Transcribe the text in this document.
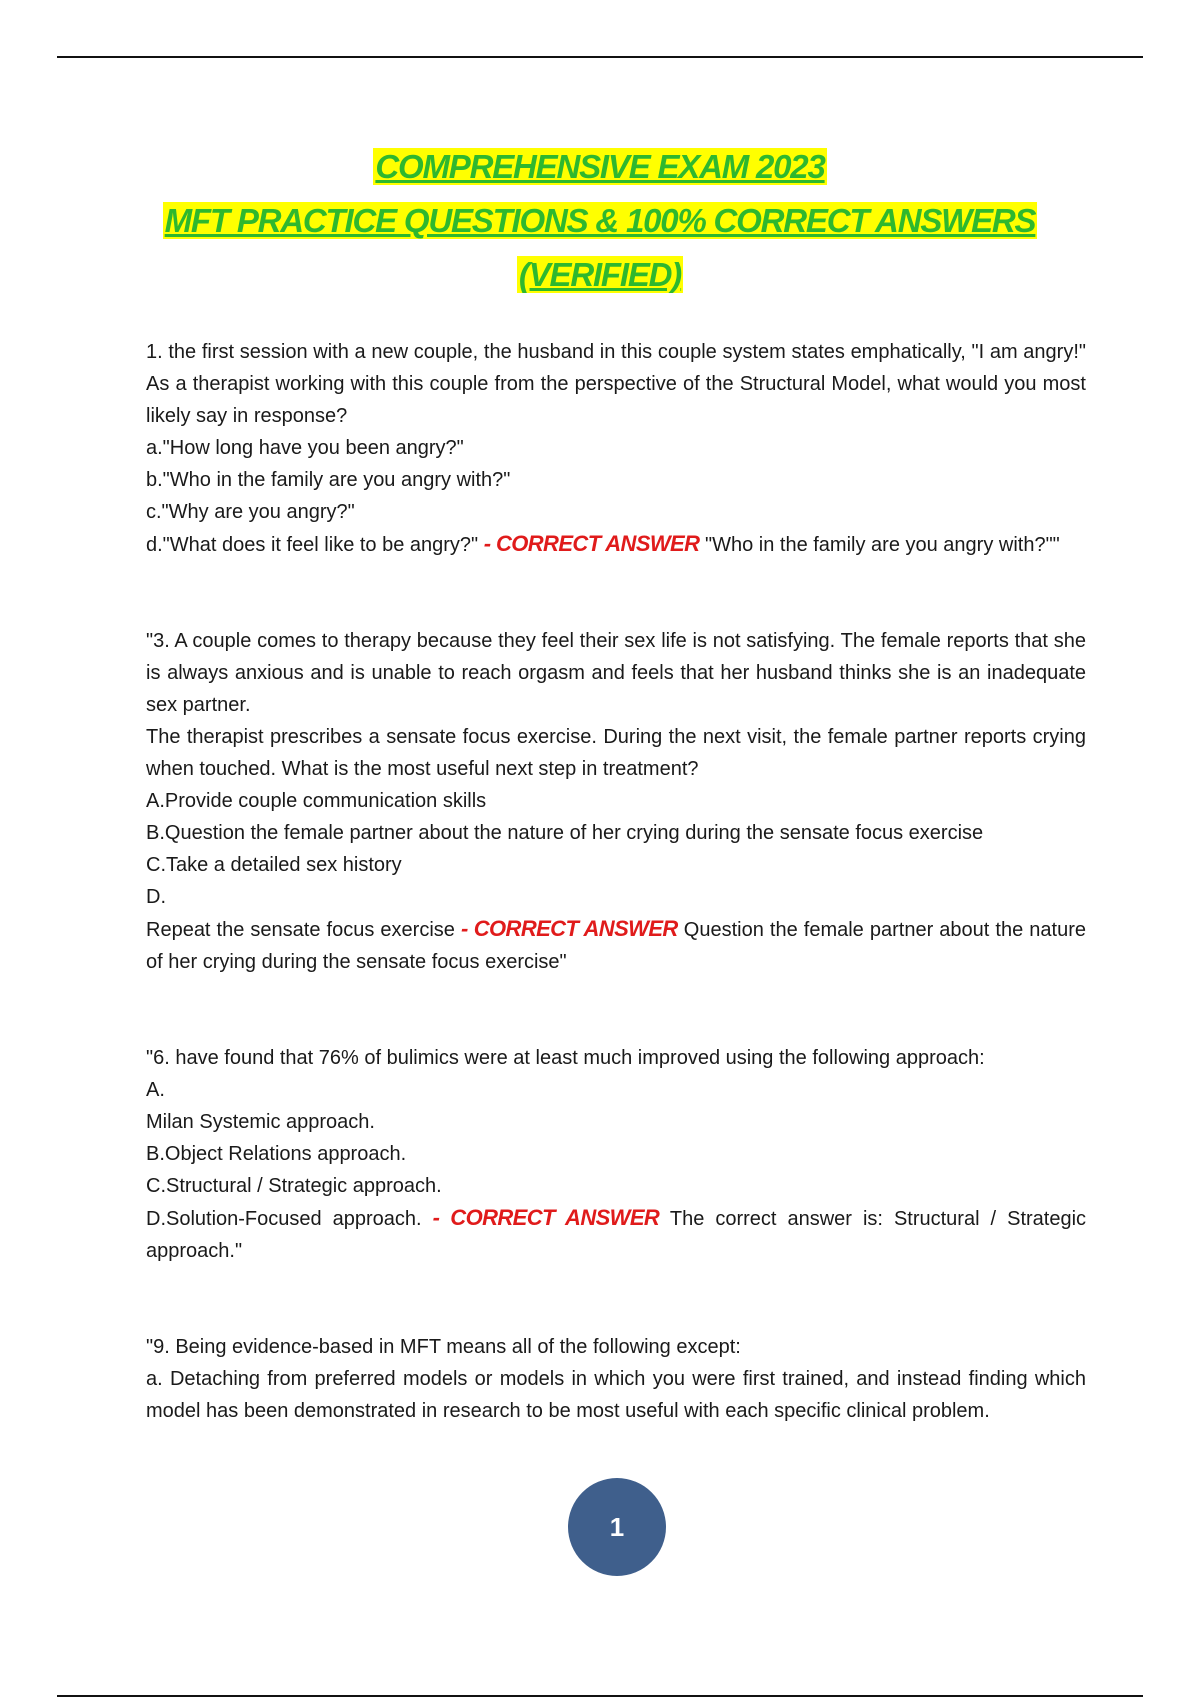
COMPREHENSIVE EXAM 2023
MFT PRACTICE QUESTIONS & 100% CORRECT ANSWERS
(VERIFIED)

1. the first session with a new couple, the husband in this couple system states emphatically, "I am angry!" As a therapist working with this couple from the perspective of the Structural Model, what would you most likely say in response?

a."How long have you been angry?"

b."Who in the family are you angry with?"

c."Why are you angry?"

d."What does it feel like to be angry?" - CORRECT ANSWER "Who in the family are you angry with?""

"3. A couple comes to therapy because they feel their sex life is not satisfying. The female reports that she is always anxious and is unable to reach orgasm and feels that her husband thinks she is an inadequate sex partner.

The therapist prescribes a sensate focus exercise. During the next visit, the female partner reports crying when touched. What is the most useful next step in treatment?

A.Provide couple communication skills

B.Question the female partner about the nature of her crying during the sensate focus exercise

C.Take a detailed sex history

D.

Repeat the sensate focus exercise - CORRECT ANSWER Question the female partner about the nature of her crying during the sensate focus exercise"

"6. have found that 76% of bulimics were at least much improved using the following approach:

A.

Milan Systemic approach.

B.Object Relations approach.

C.Structural / Strategic approach.

D.Solution-Focused approach. - CORRECT ANSWER The correct answer is: Structural / Strategic approach."

"9. Being evidence-based in MFT means all of the following except:

a. Detaching from preferred models or models in which you were first trained, and instead finding which model has been demonstrated in research to be most useful with each specific clinical problem.

1
